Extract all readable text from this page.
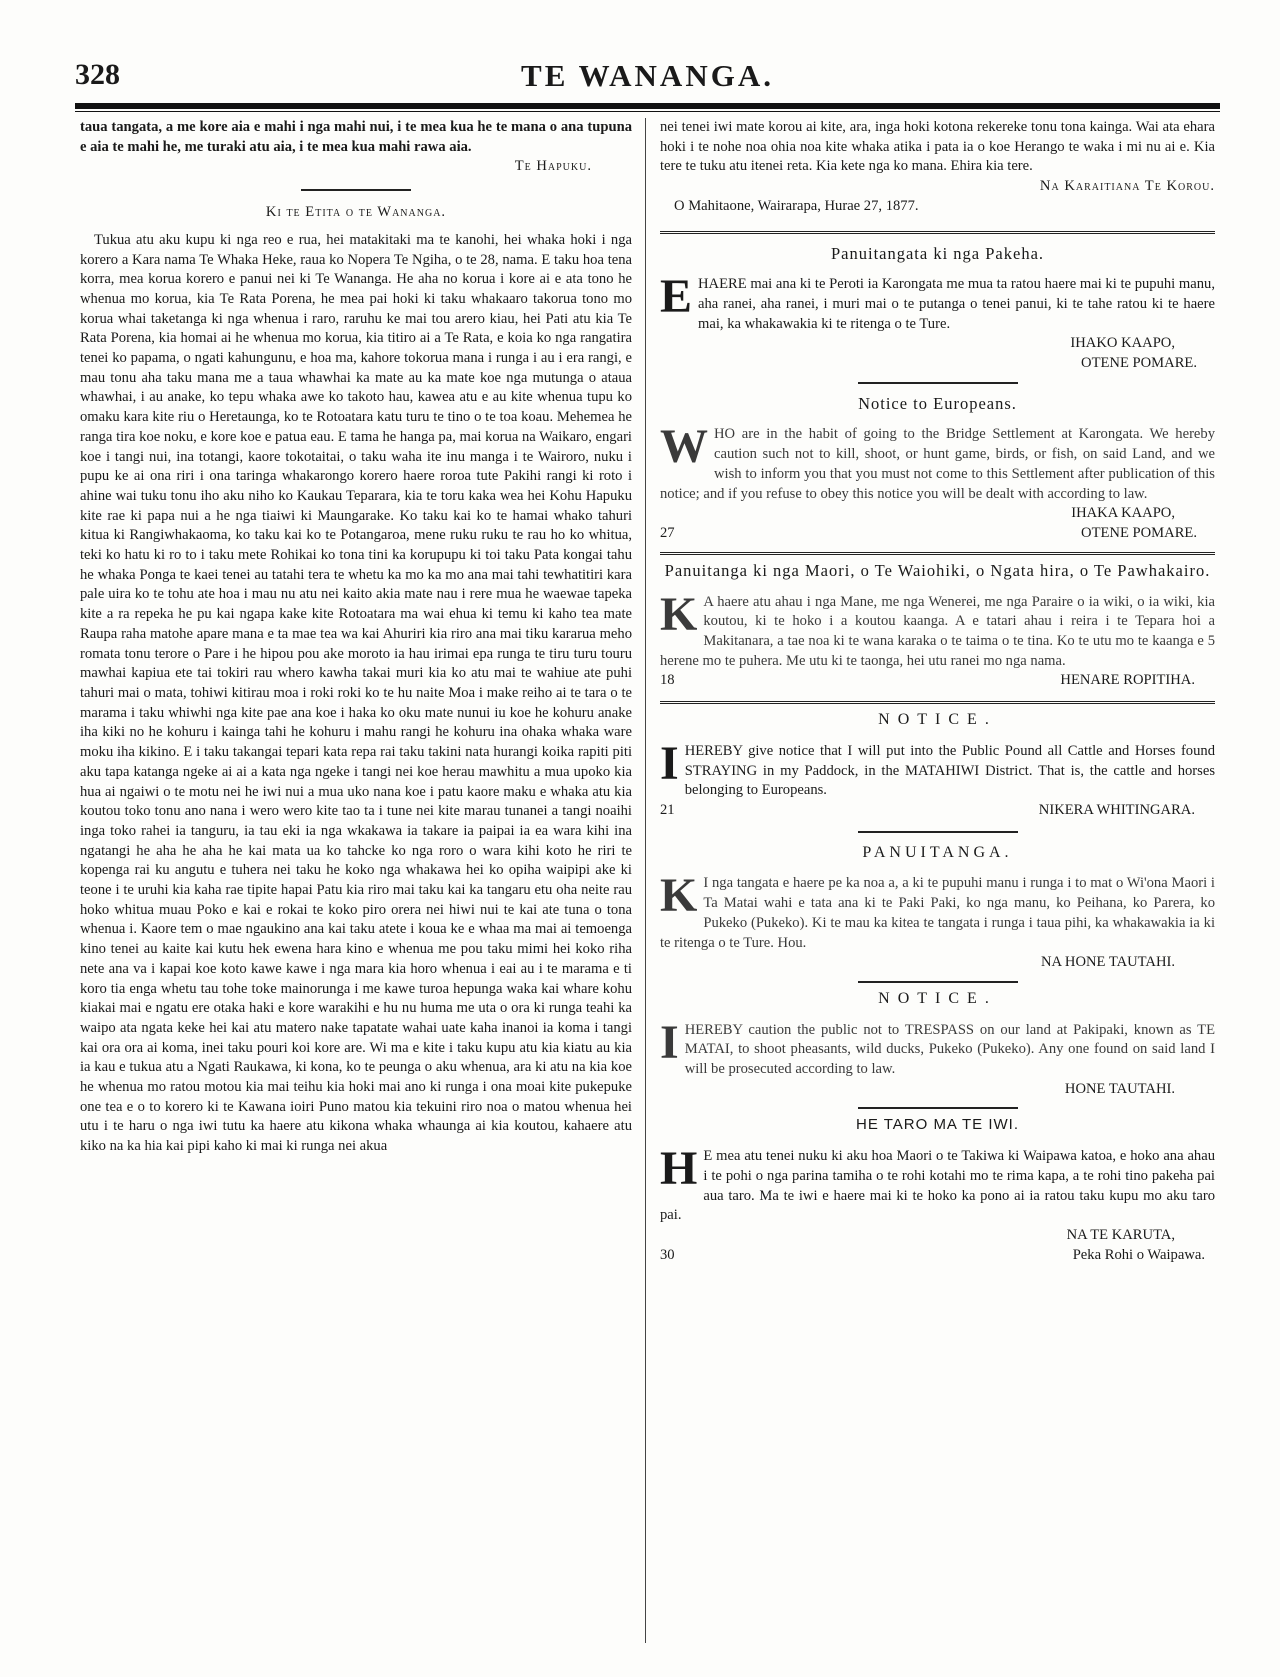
328	TE WANANGA.

taua tangata, a me kore aia e mahi i nga mahi nui, i te mea kua he te mana o ana tupuna e aia te mahi he, me turaki atu aia, i te mea kua mahi rawa aia.

Te Hapuku.

Ki te Etita o te Wananga.

Tukua atu aku kupu ki nga reo e rua, hei matakitaki ma te kanohi, hei whaka hoki i nga korero a Kara nama Te Whaka Heke, raua ko Nopera Te Ngiha, o te 28, nama. E taku hoa tena korra, mea korua korero e panui nei ki Te Wananga. He aha no korua i kore ai e ata tono he whenua mo korua, kia Te Rata Porena, he mea pai hoki ki taku whakaaro takorua tono mo korua whai taketanga ki nga whenua i raro, raruhu ke mai tou arero kiau, hei Pati atu kia Te Rata Porena, kia homai ai he whenua mo korua, kia titiro ai a Te Rata, e koia ko nga rangatira tenei ko papama, o ngati kahungunu, e hoa ma, kahore tokorua mana i runga i au i era rangi, e mau tonu aha taku mana me a taua whawhai ka mate au ka mate koe nga mutunga o ataua whawhai, i au anake, ko tepu whaka awe ko takoto hau, kawea atu e au kite whenua tupu ko omaku kara kite riu o Heretaunga, ko te Rotoatara katu turu te tino o te toa koau. Mehemea he ranga tira koe noku, e kore koe e patua eau. E tama he hanga pa, mai korua na Waikaro, engari koe i tangi nui, ina totangi, kaore tokotaitai, o taku waha ite inu manga i te Wairoro, nuku i pupu ke ai ona riri i ona taringa whakarongo korero haere roroa tute Pakihi rangi ki roto i ahine wai tuku tonu iho aku niho ko Kaukau Teparara, kia te toru kaka wea hei Kohu Hapuku kite rae ki papa nui a he nga tiaiwi ki Maungarake. Ko taku kai ko te hamai whako tahuri kitua ki Rangiwhakaoma, ko taku kai ko te Potangaroa, mene ruku ruku te rau ho ko whitua, teki ko hatu ki ro to i taku mete Rohikai ko tona tini ka korupupu ki toi taku Pata kongai tahu he whaka Ponga te kaei tenei au tatahi tera te whetu ka mo ka mo ana mai tahi tewhatitiri kara pale uira ko te tohu ate hoa i mau nu atu nei kaito akia mate nau i rere mua he waewae tapeka kite a ra repeka he pu kai ngapa kake kite Rotoatara ma wai ehua ki temu ki kaho tea mate Raupa raha matohe apare mana e ta mae tea wa kai Ahuriri kia riro ana mai tiku kararua meho romata tonu terore o Pare i he hipou pou ake moroto ia hau irimai epa runga te tiru turu touru mawhai kapiua ete tai tokiri rau whero kawha takai muri kia ko atu mai te wahiue ate puhi tahuri mai o mata, tohiwi kitirau moa i roki roki ko te hu naite Moa i make reiho ai te tara o te marama i taku whiwhi nga kite pae ana koe i haka ko oku mate nunui iu koe he kohuru anake iha kiki no he kohuru i kainga tahi he kohuru i mahu rangi he kohuru ina ohaka whaka ware moku iha kikino. E i taku takangai tepari kata repa rai taku takini nata hurangi koika rapiti piti aku tapa katanga ngeke ai ai a kata nga ngeke i tangi nei koe herau mawhitu a mua upoko kia hua ai ngaiwi o te motu nei he iwi nui a mua uko nana koe i patu kaore maku e whaka atu kia koutou toko tonu ano nana i wero wero kite tao ta i tune nei kite marau tunanei a tangi noaihi inga toko rahei ia tanguru, ia tau eki ia nga wkakawa ia takare ia paipai ia ea wara kihi ina ngatangi he aha he aha he kai mata ua ko tahcke ko nga roro o wara kihi koto he riri te kopenga rai ku angutu e tuhera nei taku he koko nga whakawa hei ko opiha waipipi ake ki teone i te uruhi kia kaha rae tipite hapai Patu kia riro mai taku kai ka tangaru etu oha neite rau hoko whitua muau Poko e kai e rokai te koko piro orera nei hiwi nui te kai ate tuna o tona whenua i. Kaore tem o mae ngaukino ana kai taku atete i koua ke e whaa ma mai ai temoenga kino tenei au kaite kai kutu hek ewena hara kino e whenua me pou taku mimi hei koko riha nete ana va i kapai koe koto kawe kawe i nga mara kia horo whenua i eai au i te marama e ti koro tia enga whetu tau tohe toke mainorunga i me kawe turoa hepunga waka kai whare kohu kiakai mai e ngatu ere otaka haki e kore warakihi e hu nu huma me uta o ora ki runga teahi ka waipo ata ngata keke hei kai atu matero nake tapatate wahai uate kaha inanoi ia koma i tangi kai ora ora ai koma, inei taku pouri koi kore are. Wi ma e kite i taku kupu atu kia kiatu au kia ia kau e tukua atu a Ngati Raukawa, ki kona, ko te peunga o aku whenua, ara ki atu na kia koe he whenua mo ratou motou kia mai teihu kia hoki mai ano ki runga i ona moai kite pukepuke one tea e o to korero ki te Kawana ioiri Puno matou kia tekuini riro noa o matou whenua hei utu i te haru o nga iwi tutu ka haere atu kikona whaka whaunga ai kia koutou, kahaere atu kiko na ka hia kai pipi kaho ki mai ki runga nei akua

nei tenei iwi mate korou ai kite, ara, inga hoki kotona rekereke tonu tona kainga. Wai ata ehara hoki i te nohe noa ohia noa kite whaka atika i pata ia o koe Herango te waka i mi nu ai e. Kia tere te tuku atu itenei reta. Kia kete nga ko mana. Ehira kia tere.

Na Karaitiana Te Korou.

O Mahitaone, Wairarapa, Hurae 27, 1877.

Panuitangata ki nga Pakeha.

E HAERE mai ana ki te Peroti ia Karongata me mua ta ratou haere mai ki te pupuhi manu, aha ranei, aha ranei, i muri mai o te putanga o tenei panui, ki te tahe ratou ki te haere mai, ka whakawakia ki te ritenga o te Ture.

IHAKO KAAPO,

OTENE POMARE.

Notice to Europeans.

W HO are in the habit of going to the Bridge Settlement at Karongata. We hereby caution such not to kill, shoot, or hunt game, birds, or fish, on said Land, and we wish to inform you that you must not come to this Settlement after publication of this notice; and if you refuse to obey this notice you will be dealt with according to law.

IHAKA KAAPO,

27	OTENE POMARE.

Panuitanga ki nga Maori, o Te Waiohiki, o Ngata hira, o Te Pawhakairo.

K A haere atu ahau i nga Mane, me nga Wenerei, me nga Paraire o ia wiki, o ia wiki, kia koutou, ki te hoko i a koutou kaanga. A e tatari ahau i reira i te Tepara hoi a Makitanara, a tae noa ki te wana karaka o te taima o te tina. Ko te utu mo te kaanga e 5 herene mo te puhera. Me utu ki te taonga, hei utu ranei mo nga nama.

18	HENARE ROPITIHA.

NOTICE.

I HEREBY give notice that I will put into the Public Pound all Cattle and Horses found STRAYING in my Paddock, in the MATAHIWI District. That is, the cattle and horses belonging to Europeans.

21	NIKERA WHITINGARA.

PANUITANGA.

K I nga tangata e haere pe ka noa a, a ki te pupuhi manu i runga i to mat o Wi'ona Maori i Ta Matai wahi e tata ana ki te Paki Paki, ko nga manu, ko Peihana, ko Parera, ko Pukeko (Pukeko). Ki te mau ka kitea te tangata i runga i taua pihi, ka whakawakia ia ki te ritenga o te Ture. Hou.

NA HONE TAUTAHI.

NOTICE.

I HEREBY caution the public not to TRESPASS on our land at Pakipaki, known as TE MATAI, to shoot pheasants, wild ducks, Pukeko (Pukeko). Any one found on said land I will be prosecuted according to law.

HONE TAUTAHI.

HE TARO MA TE IWI.

H E mea atu tenei nuku ki aku hoa Maori o te Takiwa ki Waipawa katoa, e hoko ana ahau i te pohi o nga parina tamiha o te rohi kotahi mo te rima kapa, a te rohi tino pakeha pai aua taro. Ma te iwi e haere mai ki te hoko ka pono ai ia ratou taku kupu mo aku taro pai.

NA TE KARUTA,

30	Peka Rohi o Waipawa.
